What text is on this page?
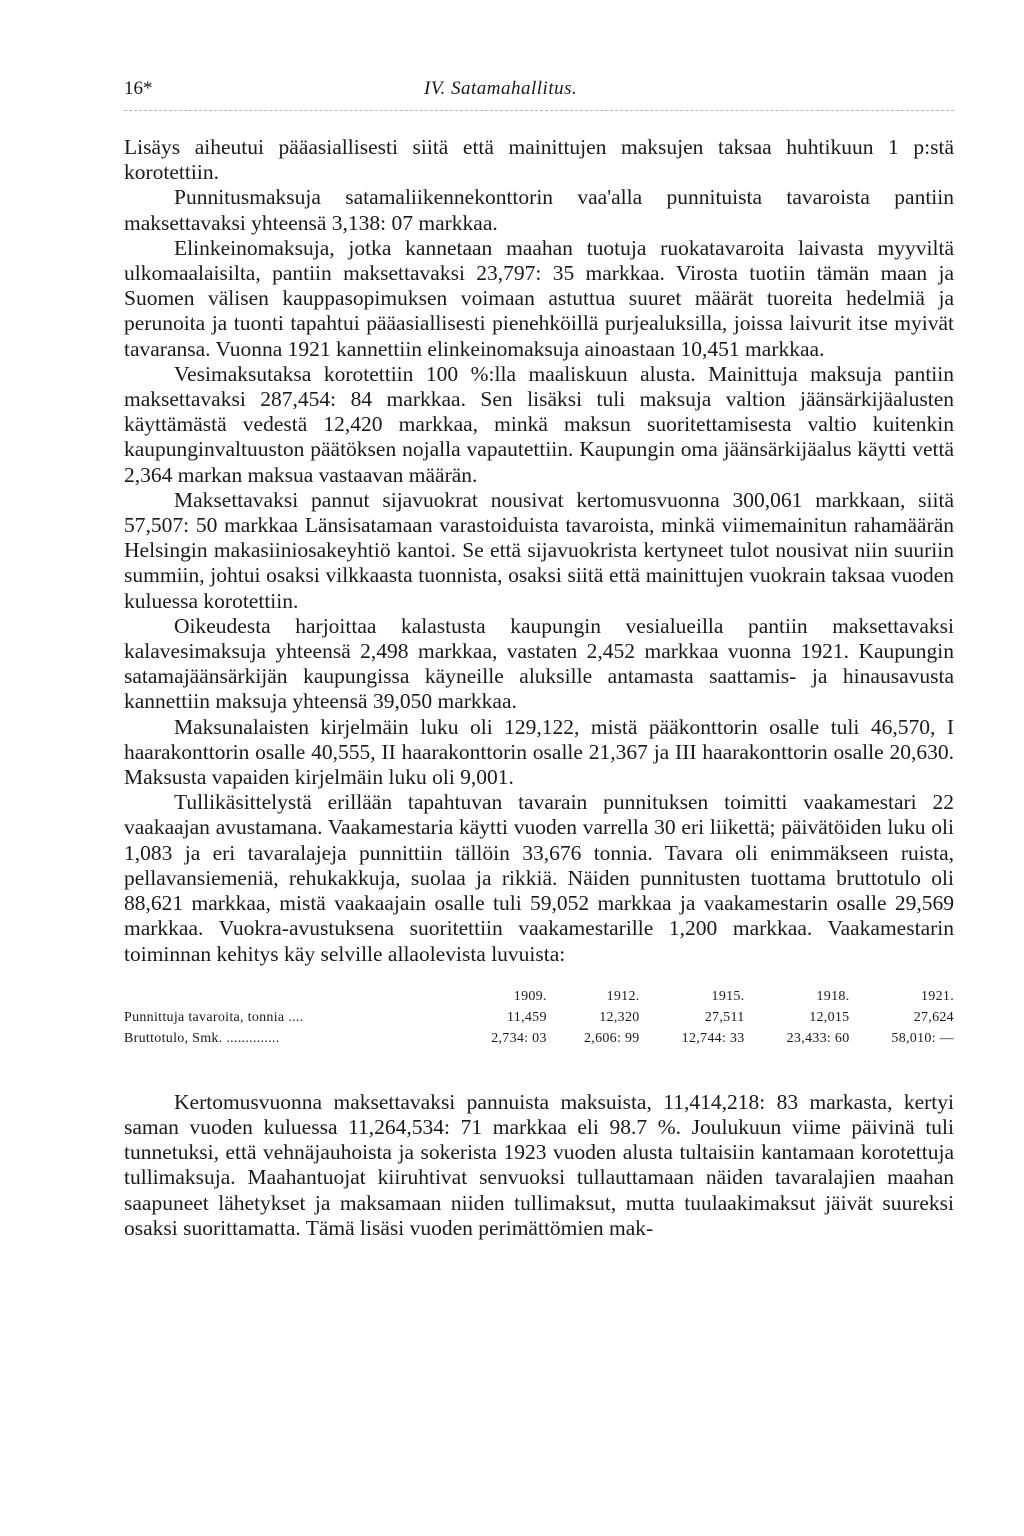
16*	IV. Satamahallitus.

Lisäys aiheutui pääasiallisesti siitä että mainittujen maksujen taksaa huhtikuun 1 p:stä korotettiin.

Punnitusmaksuja satamaliikennekonttorin vaa'alla punnituista tavaroista pantiin maksettavaksi yhteensä 3,138: 07 markkaa.

Elinkeinomaksuja, jotka kannetaan maahan tuotuja ruokatavaroita laivasta myyviltä ulkomaalaisilta, pantiin maksettavaksi 23,797: 35 markkaa. Virosta tuotiin tämän maan ja Suomen välisen kauppasopimuksen voimaan astuttua suuret määrät tuoreita hedelmiä ja perunoita ja tuonti tapahtui pääasiallisesti pienehköillä purjealuksilla, joissa laivurit itse myivät tavaransa. Vuonna 1921 kannettiin elinkeinomaksuja ainoastaan 10,451 markkaa.

Vesimaksutaksa korotettiin 100 %:lla maaliskuun alusta. Mainittuja maksuja pantiin maksettavaksi 287,454: 84 markkaa. Sen lisäksi tuli maksuja valtion jäänsärkijäalusten käyttämästä vedestä 12,420 markkaa, minkä maksun suoritettamisesta valtio kuitenkin kaupunginvaltuuston päätöksen nojalla vapautettiin. Kaupungin oma jäänsärkijäalus käytti vettä 2,364 markan maksua vastaavan määrän.

Maksettavaksi pannut sijavuokrat nousivat kertomusvuonna 300,061 markkaan, siitä 57,507: 50 markkaa Länsisatamaan varastoiduista tavaroista, minkä viimemainitun rahamäärän Helsingin makasiiniosakeyhtiö kantoi. Se että sijavuokrista kertyneet tulot nousivat niin suuriin summiin, johtui osaksi vilkkaasta tuonnista, osaksi siitä että mainittujen vuokrain taksaa vuoden kuluessa korotettiin.

Oikeudesta harjoittaa kalastusta kaupungin vesialueilla pantiin maksettavaksi kalavesimaksuja yhteensä 2,498 markkaa, vastaten 2,452 markkaa vuonna 1921. Kaupungin satamajäänsärkijän kaupungissa käyneille aluksille antamasta saattamis- ja hinausavusta kannettiin maksuja yhteensä 39,050 markkaa.

Maksunalaisten kirjelmäin luku oli 129,122, mistä pääkonttorin osalle tuli 46,570, I haarakonttorin osalle 40,555, II haarakonttorin osalle 21,367 ja III haarakonttorin osalle 20,630. Maksusta vapaiden kirjelmäin luku oli 9,001.

Tullikäsittelystä erillään tapahtuvan tavarain punnituksen toimitti vaakamestari 22 vaakaajan avustamana. Vaakamestaria käytti vuoden varrella 30 eri liikettä; päivätöiden luku oli 1,083 ja eri tavaralajeja punnittiin tällöin 33,676 tonnia. Tavara oli enimmäkseen ruista, pellavansiemeniä, rehukakkuja, suolaa ja rikkiä. Näiden punnitusten tuottama bruttotulo oli 88,621 markkaa, mistä vaakaajain osalle tuli 59,052 markkaa ja vaakamestarin osalle 29,569 markkaa. Vuokra-avustuksena suoritettiin vaakamestarille 1,200 markkaa. Vaakamestarin toiminnan kehitys käy selville allaolevista luvuista:

	1909.	1912.	1915.	1918.	1921.
Punnittuja tavaroita, tonnia ....	11,459	12,320	27,511	12,015	27,624
Bruttotulo, Smk. ..............	2,734: 03	2,606: 99	12,744: 33	23,433: 60	58,010: —

Kertomusvuonna maksettavaksi pannuista maksuista, 11,414,218: 83 markasta, kertyi saman vuoden kuluessa 11,264,534: 71 markkaa eli 98.7 %. Joulukuun viime päivinä tuli tunnetuksi, että vehnäjauhoista ja sokerista 1923 vuoden alusta tultaisiin kantamaan korotettuja tullimaksuja. Maahantuojat kiiruhtivat senvuoksi tullauttamaan näiden tavaralajien maahan saapuneet lähetykset ja maksamaan niiden tullimaksut, mutta tuulaakimaksut jäivät suureksi osaksi suorittamatta. Tämä lisäsi vuoden perimättömien mak-
